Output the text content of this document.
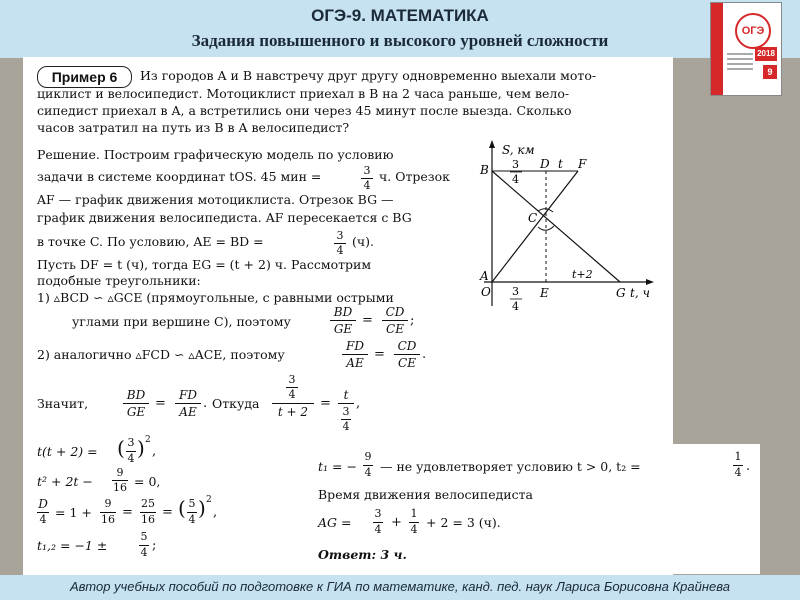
ОГЭ-9. МАТЕМАТИКА
Задания повышенного и высокого уровней сложности	ОГЭ
2018
9
Пример 6	Из городов A и B навстречу друг другу одновременно выехали мото-
циклист и велосипедист. Мотоциклист приехал в B на 2 часа раньше, чем вело-
сипедист приехал в A, а встретились они через 45 минут после выезда. Сколько
часов затратил на путь из B в A велосипедист?
Решение. Построим графическую модель по условию
задачи в системе координат tOS. 45 мин =	3
4
ч. Отрезок
AF — график движения мотоциклиста. Отрезок BG —
график движения велосипедиста. AF пересекается с BG
в точке C. По условию, AE = BD =	3
4
(ч).
Пусть DF = t (ч), тогда EG = (t + 2) ч. Рассмотрим
подобные треугольники:
1) ▵BCD ∽ ▵GCE (прямоугольные, с равными острыми
углами при вершине C), поэтому
BD
GE
=
CD
CE
;
2) аналогично ▵FCD ∽ ▵ACE, поэтому
FD
AE
=
CD
CE
.
Значит,
BD
GE
=
FD
AE
. Откуда
3
4
t + 2
=
t
3
4
,
t(t + 2) = ( 3
4 ) 2
,
t² + 2t −
9
16 = 0,
D
4 = 1 +
9
16 =
25
16 = ( 5
4 ) 2
,
t₁,₂ = −1 ±
5
4 ;
t₁ = −
9
4 — не удовлетворяет условию t > 0, t₂ =
1
4 .
Время движения велосипедиста
AG =
3
4 +
1
4 + 2 = 3 (ч).
Ответ: 3 ч.
S, км
B 3
4
D t F
C
t+2
A
O 3
4
E	G t, ч
Автор учебных пособий по подготовке к ГИА по математике, канд. пед. наук Лариса Борисовна Крайнева
